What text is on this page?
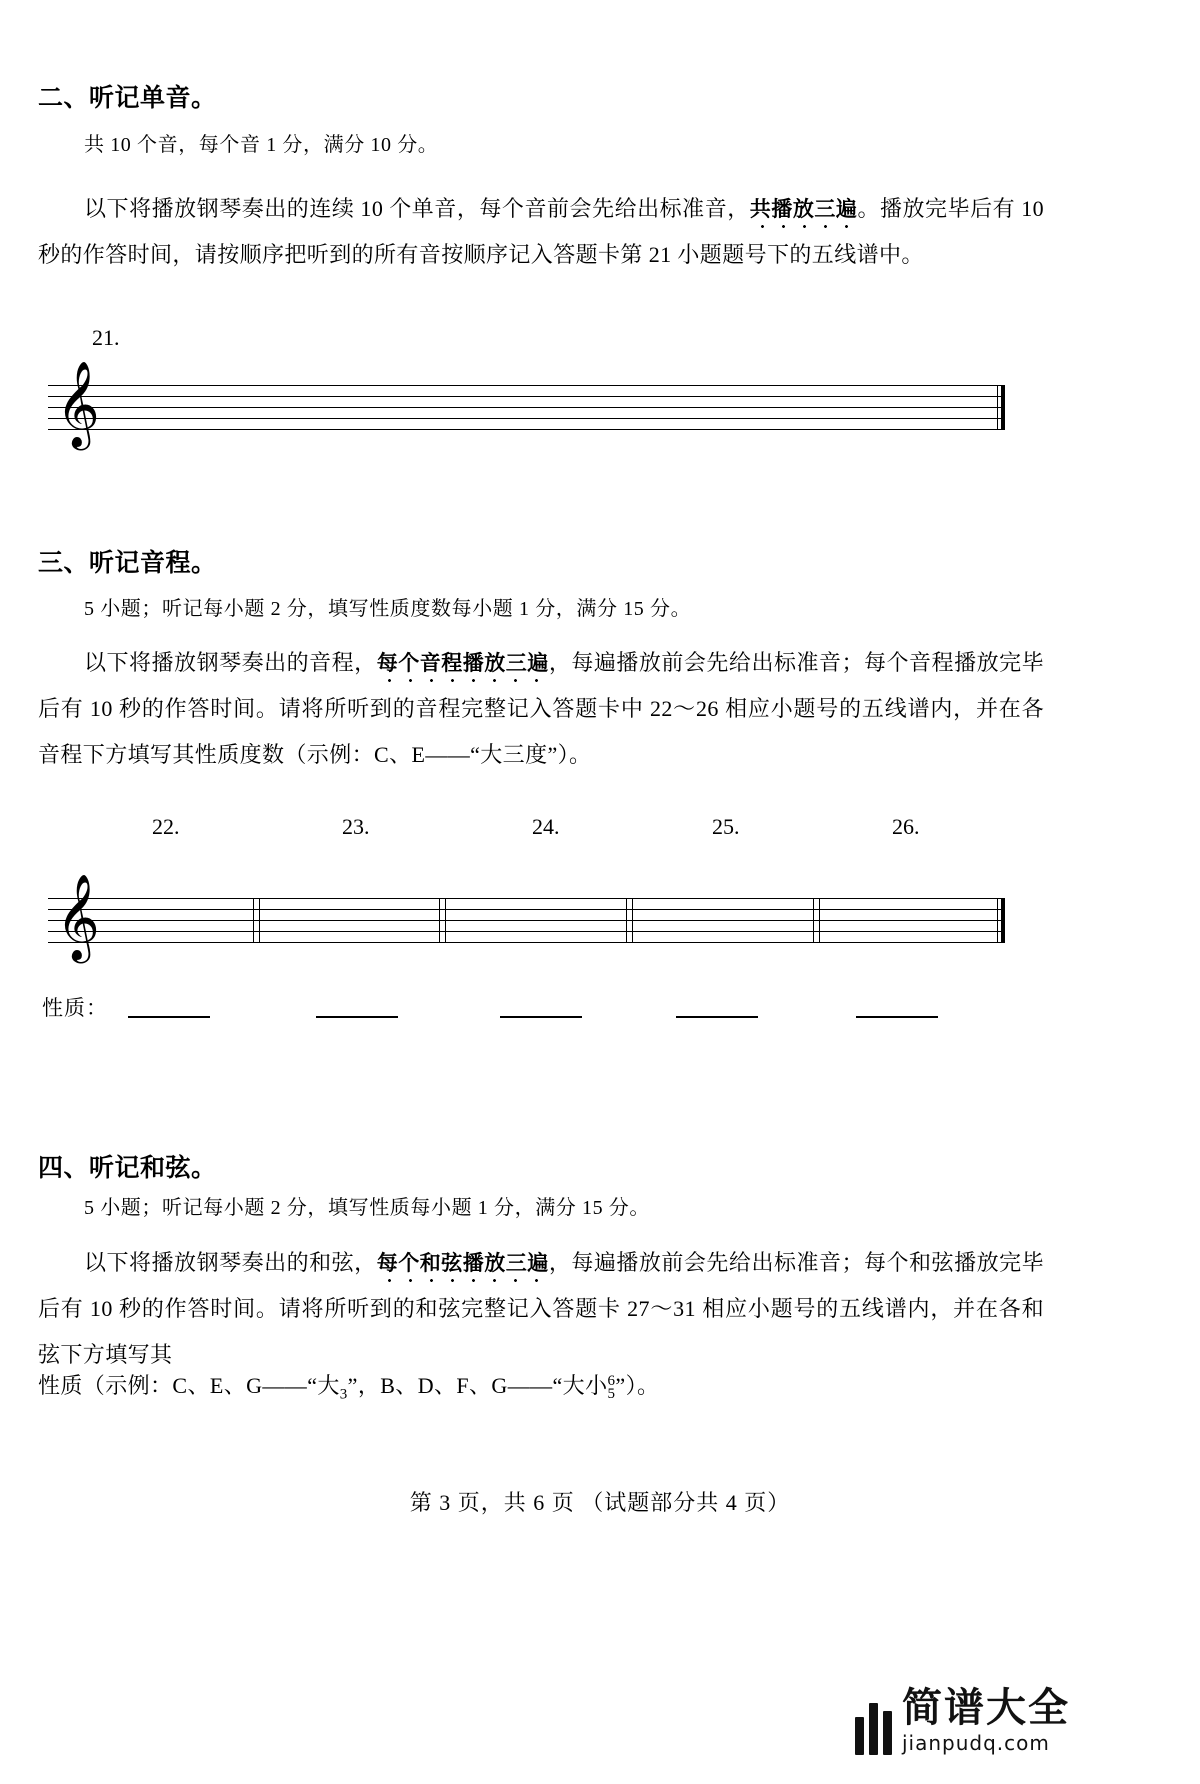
二、听记单音。
共 10 个音，每个音 1 分，满分 10 分。
以下将播放钢琴奏出的连续 10 个单音，每个音前会先给出标准音，共播放三遍。播放完毕后有 10 秒的作答时间，请按顺序把听到的所有音按顺序记入答题卡第 21 小题题号下的五线谱中。
21.
𝄞
三、听记音程。
5 小题；听记每小题 2 分，填写性质度数每小题 1 分，满分 15 分。
以下将播放钢琴奏出的音程，每个音程播放三遍，每遍播放前会先给出标准音；每个音程播放完毕后有 10 秒的作答时间。请将所听到的音程完整记入答题卡中 22～26 相应小题号的五线谱内，并在各音程下方填写其性质度数（示例：C、E——“大三度”）。
22.	23.	24.	25.	26.
𝄞
性质：
四、听记和弦。
5 小题；听记每小题 2 分，填写性质每小题 1 分，满分 15 分。
以下将播放钢琴奏出的和弦，每个和弦播放三遍，每遍播放前会先给出标准音；每个和弦播放完毕后有 10 秒的作答时间。请将所听到的和弦完整记入答题卡 27～31 相应小题号的五线谱内，并在各和弦下方填写其
性质（示例：C、E、G——“大$_3$”，B、D、F、G——“大小 6
5 ”）。
第 3 页，共 6 页 （试题部分共 4 页）
简谱大全
jianpudq.com
